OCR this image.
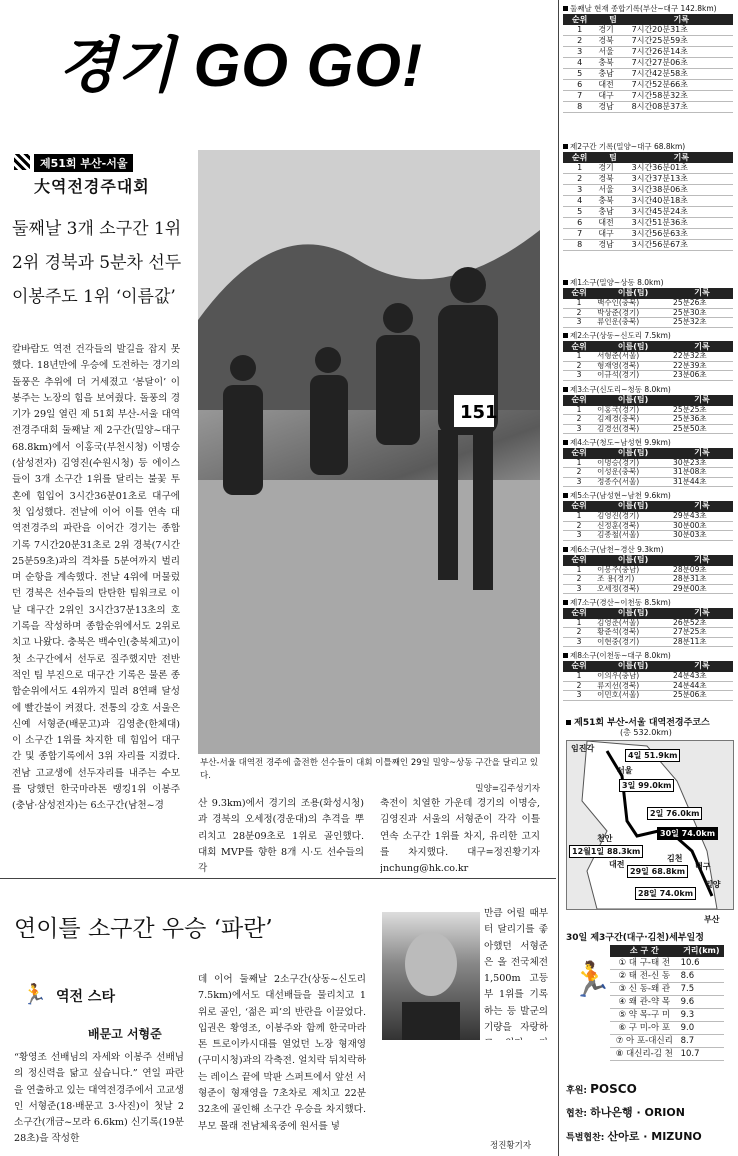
경기 GO GO!
제51회 부산-서울
大역전경주대회
둘째날 3개 소구간 1위
2위 경북과 5분차 선두
이봉주도 1위 ‘이름값’
칼바람도 역전 건각들의 발길을 잡지 못했다. 18년만에 우승에 도전하는 경기의 돌풍은 추위에 더 거세졌고 ‘봉달이’ 이봉주는 노장의 힘을 보여줬다. 돌풍의 경기가 29일 열린 제 51회 부산-서울 대역전경주대회 둘째날 제 2구간(밀양~대구 68.8km)에서 이홍국(부천시청) 이명승(삼성전자) 김영진(수원시청) 등 에이스들이 3개 소구간 1위를 달리는 불꽃 투혼에 힘입어 3시간36분01초로 대구에 첫 입성했다. 전날에 이어 이틀 연속 대역전경주의 파란을 이어간 경기는 종합기록 7시간20분31초로 2위 경북(7시간25분59초)과의 격차를 5분여까지 벌리며 순항을 계속했다. 전날 4위에 머물렀던 경북은 선수들의 탄탄한 팀워크로 이날 대구간 2위인 3시간37분13초의 호기록을 작성하며 종합순위에서도 2위로 치고 나왔다. 충북은 백수인(충북체고)이 첫 소구간에서 선두로 질주했지만 전반적인 팀 부진으로 대구간 기록은 물론 종합순위에서도 4위까지 밀려 8연패 달성에 빨간불이 켜졌다. 전통의 강호 서울은 신예 서형준(배문고)과 김영춘(한체대)이 소구간 1위를 차지한 데 힘입어 대구간 및 종합기록에서 3위 자리를 지켰다. 전남 고교생에 선두자리를 내주는 수모를 당했던 한국마라톤 랭킹1위 이봉주(충남·삼성전자)는 6소구간(남천~경
151
부산-서울 대역전 경주에 출전한 선수들이 대회 이틀째인 29일 밀양~상동 구간을 달리고 있다.
밀양=김주성기자
산 9.3km)에서 경기의 조용(화성시청)과 경북의 오세정(경운대)의 추격을 뿌리치고 28분09초로 1위로 골인했다. 대회 MVP를 향한 8개 시·도 선수들의 각
축전이 치열한 가운데 경기의 이명승, 김영진과 서울의 서형준이 각각 이틀 연속 소구간 1위를 차지, 유리한 고지를 차지했다. 대구=정진황기자 jnchung@hk.co.kr
연이틀 소구간 우승 ‘파란’
🏃 역전 스타
배문고 서형준
“황영조 선배님의 자세와 이봉주 선배님의 정신력을 닮고 싶습니다.” 연일 파란을 연출하고 있는 대역전경주에서 고교생인 서형준(18·배문고 3·사진)이 첫날 2소구간(개금~모라 6.6km) 신기록(19분28초)을 작성한
데 이어 둘째날 2소구간(상동~신도리 7.5km)에서도 대선배들을 물리치고 1위로 골인, ‘젊은 피’의 반란을 이끌었다. 입권은 황영조, 이봉주와 함께 한국마라톤 트로이카시대를 열었던 노장 형재영(구미시청)과의 각축전. 얼치락 뒤치락하는 레이스 끝에 막판 스퍼트에서 앞선 서형준이 형재영을 7초차로 제치고 22분32초에 골인해 소구간 우승을 차지했다. 부모 몰래 전남체육중에 원서를 넣
만큼 어릴 때부터 달리기를 좋아했던 서형준은 올 전국체전 1,500m 고등부 1위를 기록하는 등 발군의 기량을 자랑하
정진황기자
둘째날 현재 종합기록(부산~대구 142.8km)
순위	팀	기록
1	경기	7시간20분31초
2	경북	7시간25분59초
3	서울	7시간26분14초
4	충북	7시간27분06초
5	충남	7시간42분58초
6	대전	7시간52분66초
7	대구	7시간58분32초
8	경남	8시간08분37초
제2구간 기록(밀양~대구 68.8km)
순위	팀	기록
1	경기	3시간36분01초
2	경북	3시간37분13초
3	서울	3시간38분06초
4	충북	3시간40분18초
5	충남	3시간45분24초
6	대전	3시간51분36초
7	대구	3시간56분63초
8	경남	3시간56분67초
제1소구(밀양~상동 8.0km)
순위	이름(팀)	기록
1	백수인(충북)	25분26초
2	박상준(경기)	25분30초
3	류인운(충북)	25분32초
제2소구(상동~신도리 7.5km)
순위	이름(팀)	기록
1	서형준(서울)	22분32초
2	형재영(경북)	22분39초
3	이규석(경기)	23분06초
제3소구(신도리~청동 8.0km)
순위	이름(팀)	기록
1	이홍국(경기)	25분25초
2	김제경(충북)	25분36초
3	김경선(경북)	25분50초
제4소구(청도~남성현 9.9km)
순위	이름(팀)	기록
1	이명승(경기)	30분23초
2	이성운(충북)	31분08초
3	정종수(서울)	31분44초
제5소구(남성현~남천 9.6km)
순위	이름(팀)	기록
1	김영진(경기)	29분43초
2	신정훈(경북)	30분00초
3	김종철(서울)	30분03초
제6소구(남천~경산 9.3km)
순위	이름(팀)	기록
1	이봉주(충남)	28분09초
2	조 용(경기)	28분31초
3	오세정(경북)	29분00초
제7소구(경산~이천동 8.5km)
순위	이름(팀)	기록
1	김영춘(서울)	26분52초
2	황준석(경북)	27분25초
3	이현중(경기)	28분11초
제8소구(이천동~대구 8.0km)
순위	이름(팀)	기록
1	이의우(충남)	24분43초
2	류지선(경북)	24분44초
3	이민호(서울)	25분06초
제51회 부산-서울 대역전경주코스
(총 532.0km)
임진각
서울
천안
대전
김천
대구
밀양
4일 51.9km
3일 99.0km
2일 76.0km
30일 74.0km
12월1일 88.3km
29일 68.8km
28일 74.0km
부산
30일 제3구간(대구·김천)세부일정
🏃
소 구 간	거리(km)
① 대 구-태 전	10.6
② 태 전-신 동	8.6
③ 신 동-왜 관	7.5
④ 왜 관-약 목	9.6
⑤ 약 목-구 미	9.3
⑥ 구 미-아 포	9.0
⑦ 아 포-대신리	8.7
⑧ 대신리-김 천	10.7
후원: POSCO
협찬: 하나은행 · ORION
특별협찬: 산아로 · MIZUNO
